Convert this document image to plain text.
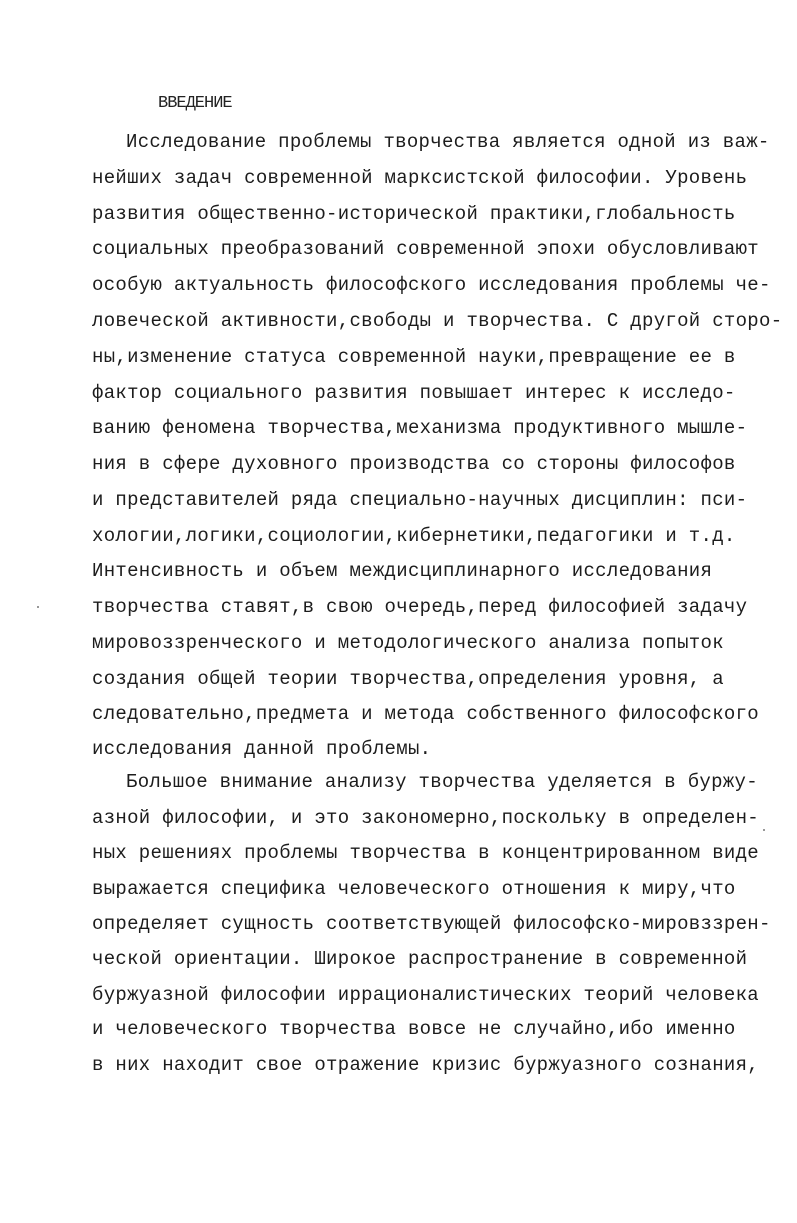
ВВЕДЕНИЕ
Исследование проблемы творчества является одной из важ-
нейших задач современной марксистской философии. Уровень
развития общественно-исторической практики,глобальность
социальных преобразований современной эпохи обусловливают
особую актуальность философского исследования проблемы че-
ловеческой активности,свободы и творчества. С другой сторо-
ны,изменение статуса современной науки,превращение ее в
фактор социального развития повышает интерес к исследо-
ванию феномена творчества,механизма продуктивного мышле-
ния в сфере духовного производства со стороны философов
и представителей ряда специально-научных дисциплин: пси-
хологии,логики,социологии,кибернетики,педагогики и т.д.
Интенсивность и объем междисциплинарного исследования
творчества ставят,в свою очередь,перед философией задачу
мировоззренческого и методологического анализа попыток
создания общей теории творчества,определения уровня, а
следовательно,предмета и метода собственного философского
исследования данной проблемы.
Большое внимание анализу творчества уделяется в буржу-
азной философии, и это закономерно,поскольку в определен-
ных решениях проблемы творчества в концентрированном виде
выражается специфика человеческого отношения к миру,что
определяет сущность соответствующей философско-мировззрен-
ческой ориентации. Широкое распространение в современной
буржуазной философии иррационалистических теорий человека
и человеческого творчества вовсе не случайно,ибо именно
в них находит свое отражение кризис буржуазного сознания,
